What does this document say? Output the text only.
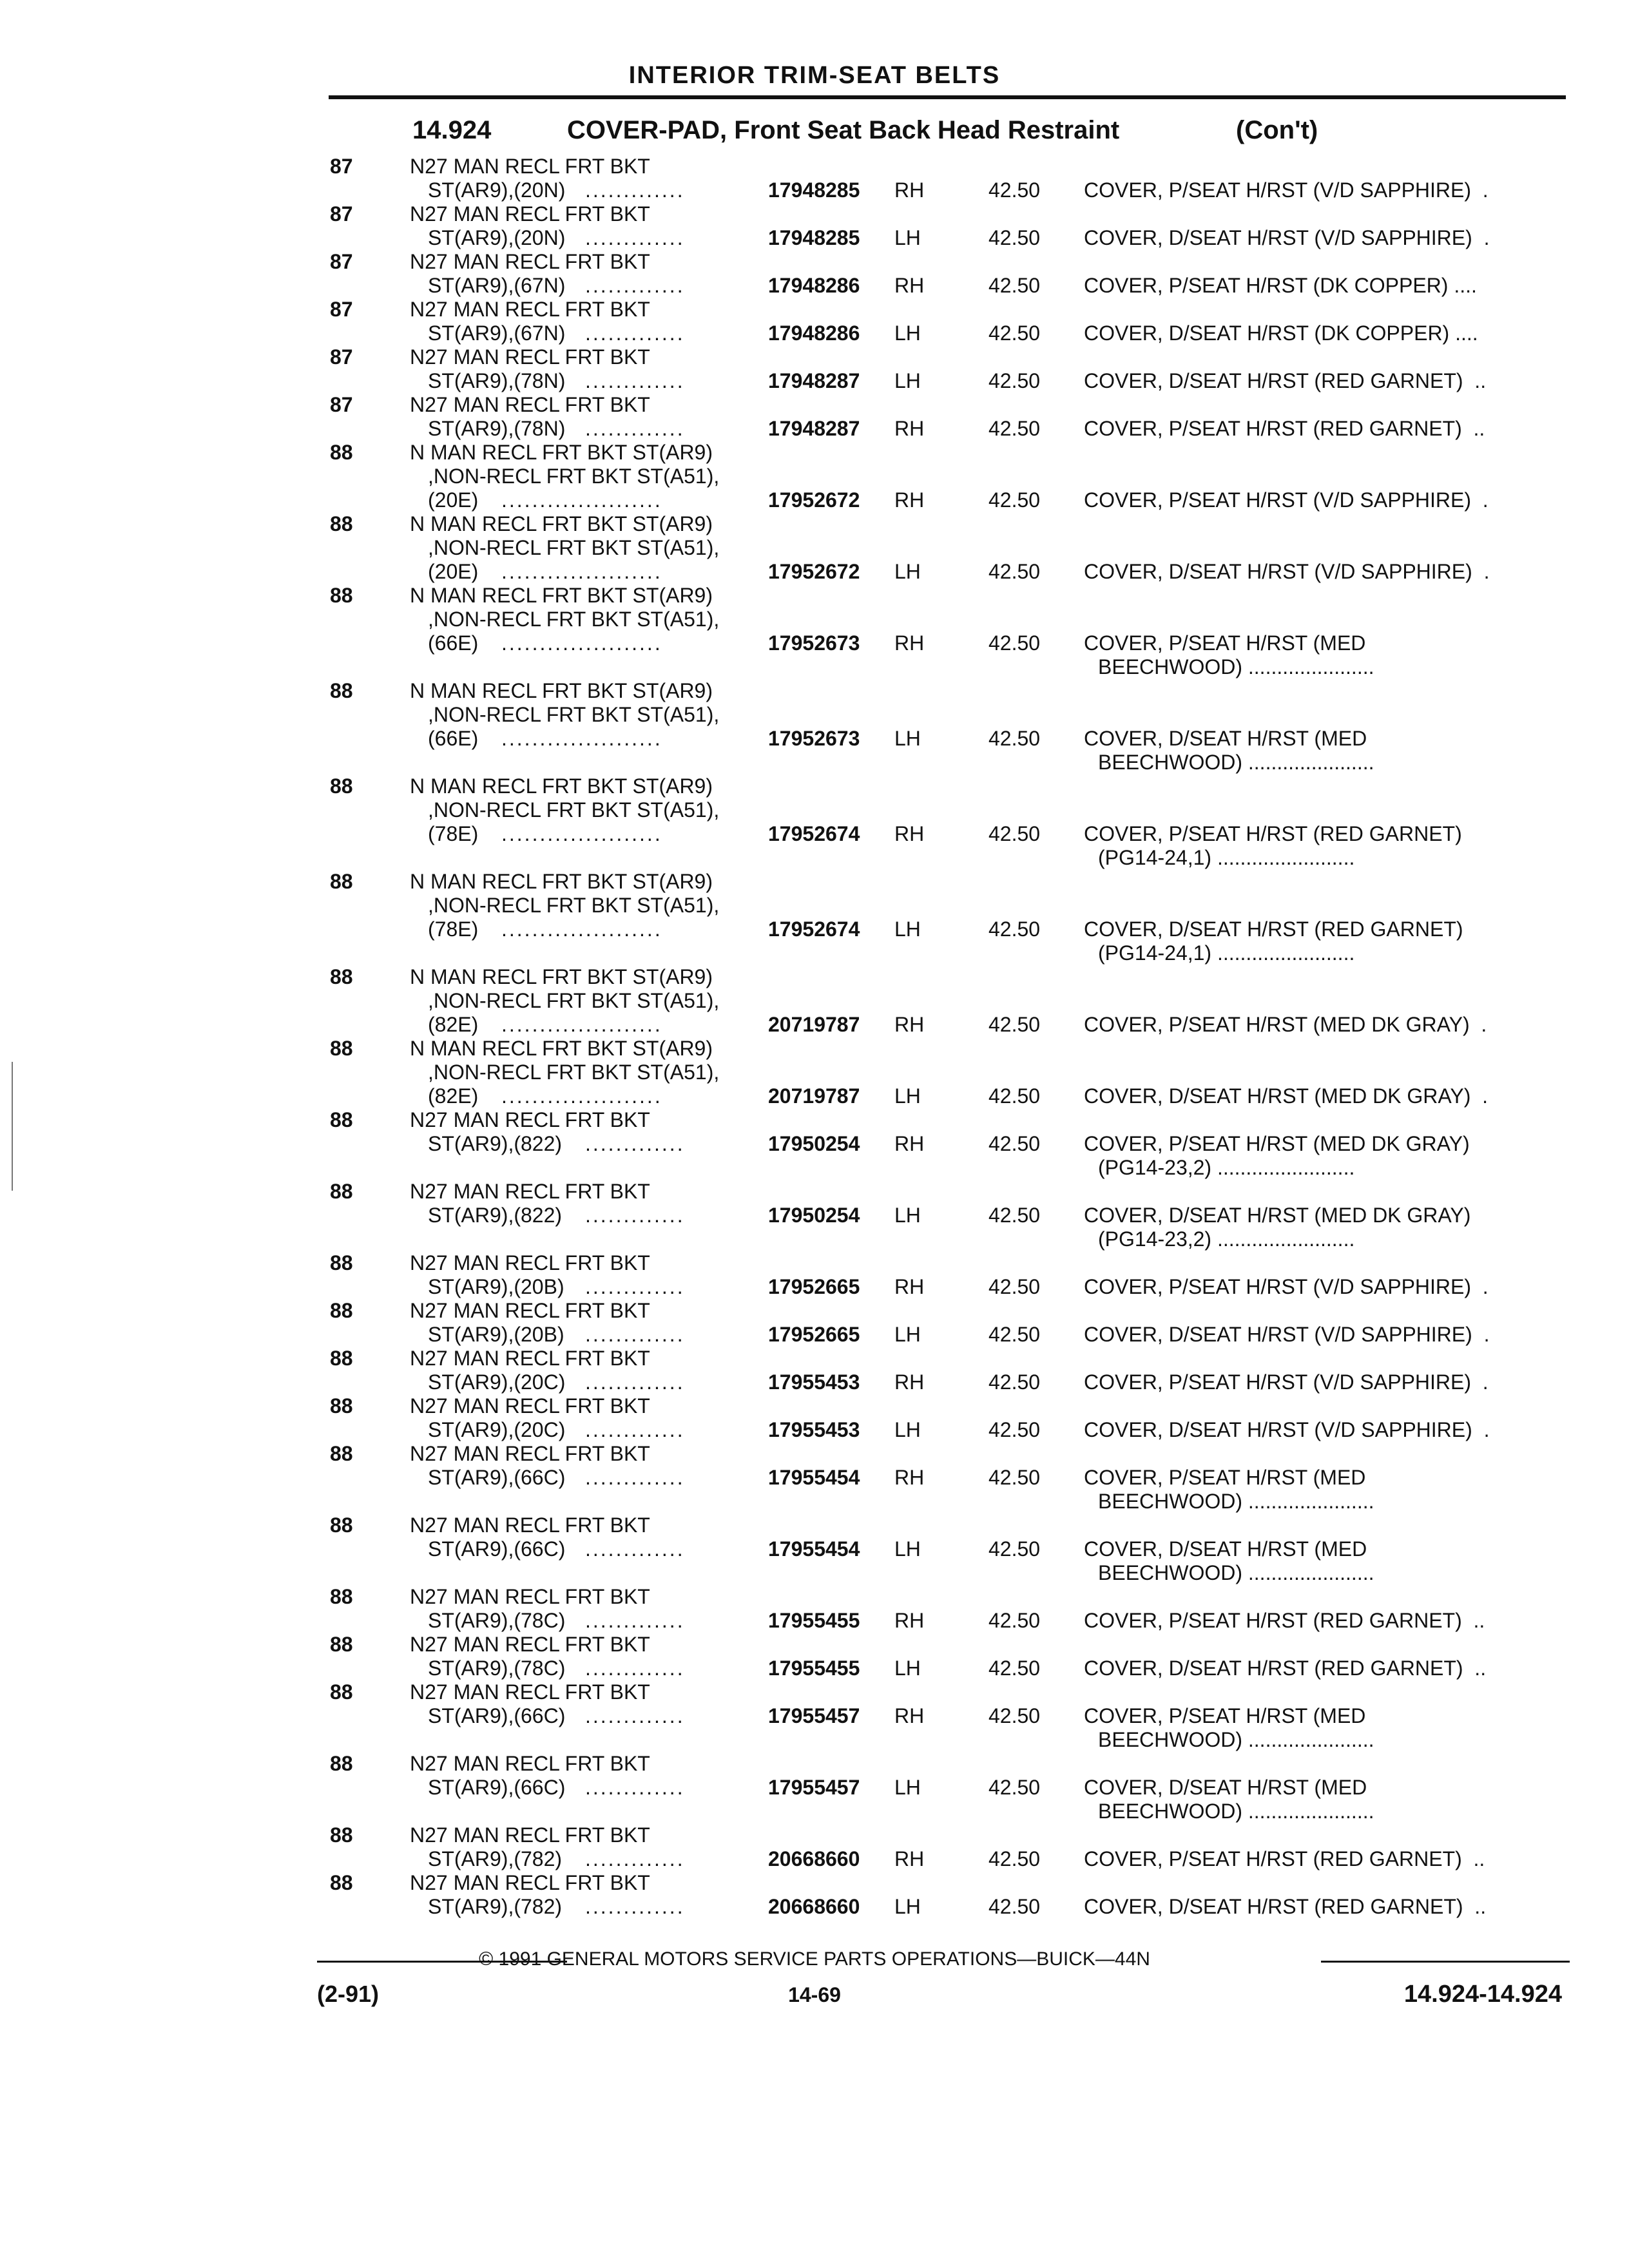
INTERIOR TRIM-SEAT BELTS
14.924	COVER-PAD, Front Seat Back Head Restraint	(Con't)
87	N27 MAN RECL FRT BKT
ST(AR9),(20N) .............	17948285 RH	42.50 COVER, P/SEAT H/RST (V/D SAPPHIRE)  .
87	N27 MAN RECL FRT BKT
ST(AR9),(20N) .............	17948285 LH	42.50 COVER, D/SEAT H/RST (V/D SAPPHIRE)  .
87	N27 MAN RECL FRT BKT
ST(AR9),(67N) .............	17948286 RH	42.50 COVER, P/SEAT H/RST (DK COPPER) ....
87	N27 MAN RECL FRT BKT
ST(AR9),(67N) .............	17948286 LH	42.50 COVER, D/SEAT H/RST (DK COPPER) ....
87	N27 MAN RECL FRT BKT
ST(AR9),(78N) .............	17948287 LH	42.50 COVER, D/SEAT H/RST (RED GARNET)  ..
87	N27 MAN RECL FRT BKT
ST(AR9),(78N) .............	17948287 RH	42.50 COVER, P/SEAT H/RST (RED GARNET)  ..
88	N MAN RECL FRT BKT ST(AR9)
,NON-RECL FRT BKT ST(A51),
(20E) .....................	17952672 RH	42.50 COVER, P/SEAT H/RST (V/D SAPPHIRE)  .
88	N MAN RECL FRT BKT ST(AR9)
,NON-RECL FRT BKT ST(A51),
(20E) .....................	17952672 LH	42.50 COVER, D/SEAT H/RST (V/D SAPPHIRE)  .
88	N MAN RECL FRT BKT ST(AR9)
,NON-RECL FRT BKT ST(A51),
(66E) .....................	17952673 RH	42.50 COVER, P/SEAT H/RST (MED
BEECHWOOD) ......................
88	N MAN RECL FRT BKT ST(AR9)
,NON-RECL FRT BKT ST(A51),
(66E) .....................	17952673 LH	42.50 COVER, D/SEAT H/RST (MED
BEECHWOOD) ......................
88	N MAN RECL FRT BKT ST(AR9)
,NON-RECL FRT BKT ST(A51),
(78E) .....................	17952674 RH	42.50 COVER, P/SEAT H/RST (RED GARNET)
(PG14-24,1) ........................
88	N MAN RECL FRT BKT ST(AR9)
,NON-RECL FRT BKT ST(A51),
(78E) .....................	17952674 LH	42.50 COVER, D/SEAT H/RST (RED GARNET)
(PG14-24,1) ........................
88	N MAN RECL FRT BKT ST(AR9)
,NON-RECL FRT BKT ST(A51),
(82E) .....................	20719787 RH	42.50 COVER, P/SEAT H/RST (MED DK GRAY)  .
88	N MAN RECL FRT BKT ST(AR9)
,NON-RECL FRT BKT ST(A51),
(82E) .....................	20719787 LH	42.50 COVER, D/SEAT H/RST (MED DK GRAY)  .
88	N27 MAN RECL FRT BKT
ST(AR9),(822) .............	17950254 RH	42.50 COVER, P/SEAT H/RST (MED DK GRAY)
(PG14-23,2) ........................
88	N27 MAN RECL FRT BKT
ST(AR9),(822) .............	17950254 LH	42.50 COVER, D/SEAT H/RST (MED DK GRAY)
(PG14-23,2) ........................
88	N27 MAN RECL FRT BKT
ST(AR9),(20B) .............	17952665 RH	42.50 COVER, P/SEAT H/RST (V/D SAPPHIRE)  .
88	N27 MAN RECL FRT BKT
ST(AR9),(20B) .............	17952665 LH	42.50 COVER, D/SEAT H/RST (V/D SAPPHIRE)  .
88	N27 MAN RECL FRT BKT
ST(AR9),(20C) .............	17955453 RH	42.50 COVER, P/SEAT H/RST (V/D SAPPHIRE)  .
88	N27 MAN RECL FRT BKT
ST(AR9),(20C) .............	17955453 LH	42.50 COVER, D/SEAT H/RST (V/D SAPPHIRE)  .
88	N27 MAN RECL FRT BKT
ST(AR9),(66C) .............	17955454 RH	42.50 COVER, P/SEAT H/RST (MED
BEECHWOOD) ......................
88	N27 MAN RECL FRT BKT
ST(AR9),(66C) .............	17955454 LH	42.50 COVER, D/SEAT H/RST (MED
BEECHWOOD) ......................
88	N27 MAN RECL FRT BKT
ST(AR9),(78C) .............	17955455 RH	42.50 COVER, P/SEAT H/RST (RED GARNET)  ..
88	N27 MAN RECL FRT BKT
ST(AR9),(78C) .............	17955455 LH	42.50 COVER, D/SEAT H/RST (RED GARNET)  ..
88	N27 MAN RECL FRT BKT
ST(AR9),(66C) .............	17955457 RH	42.50 COVER, P/SEAT H/RST (MED
BEECHWOOD) ......................
88	N27 MAN RECL FRT BKT
ST(AR9),(66C) .............	17955457 LH	42.50 COVER, D/SEAT H/RST (MED
BEECHWOOD) ......................
88	N27 MAN RECL FRT BKT
ST(AR9),(782) .............	20668660 RH	42.50 COVER, P/SEAT H/RST (RED GARNET)  ..
88	N27 MAN RECL FRT BKT
ST(AR9),(782) .............	20668660 LH	42.50 COVER, D/SEAT H/RST (RED GARNET)  ..
© 1991 GENERAL MOTORS SERVICE PARTS OPERATIONS—BUICK—44N
(2-91)	14-69	14.924-14.924
